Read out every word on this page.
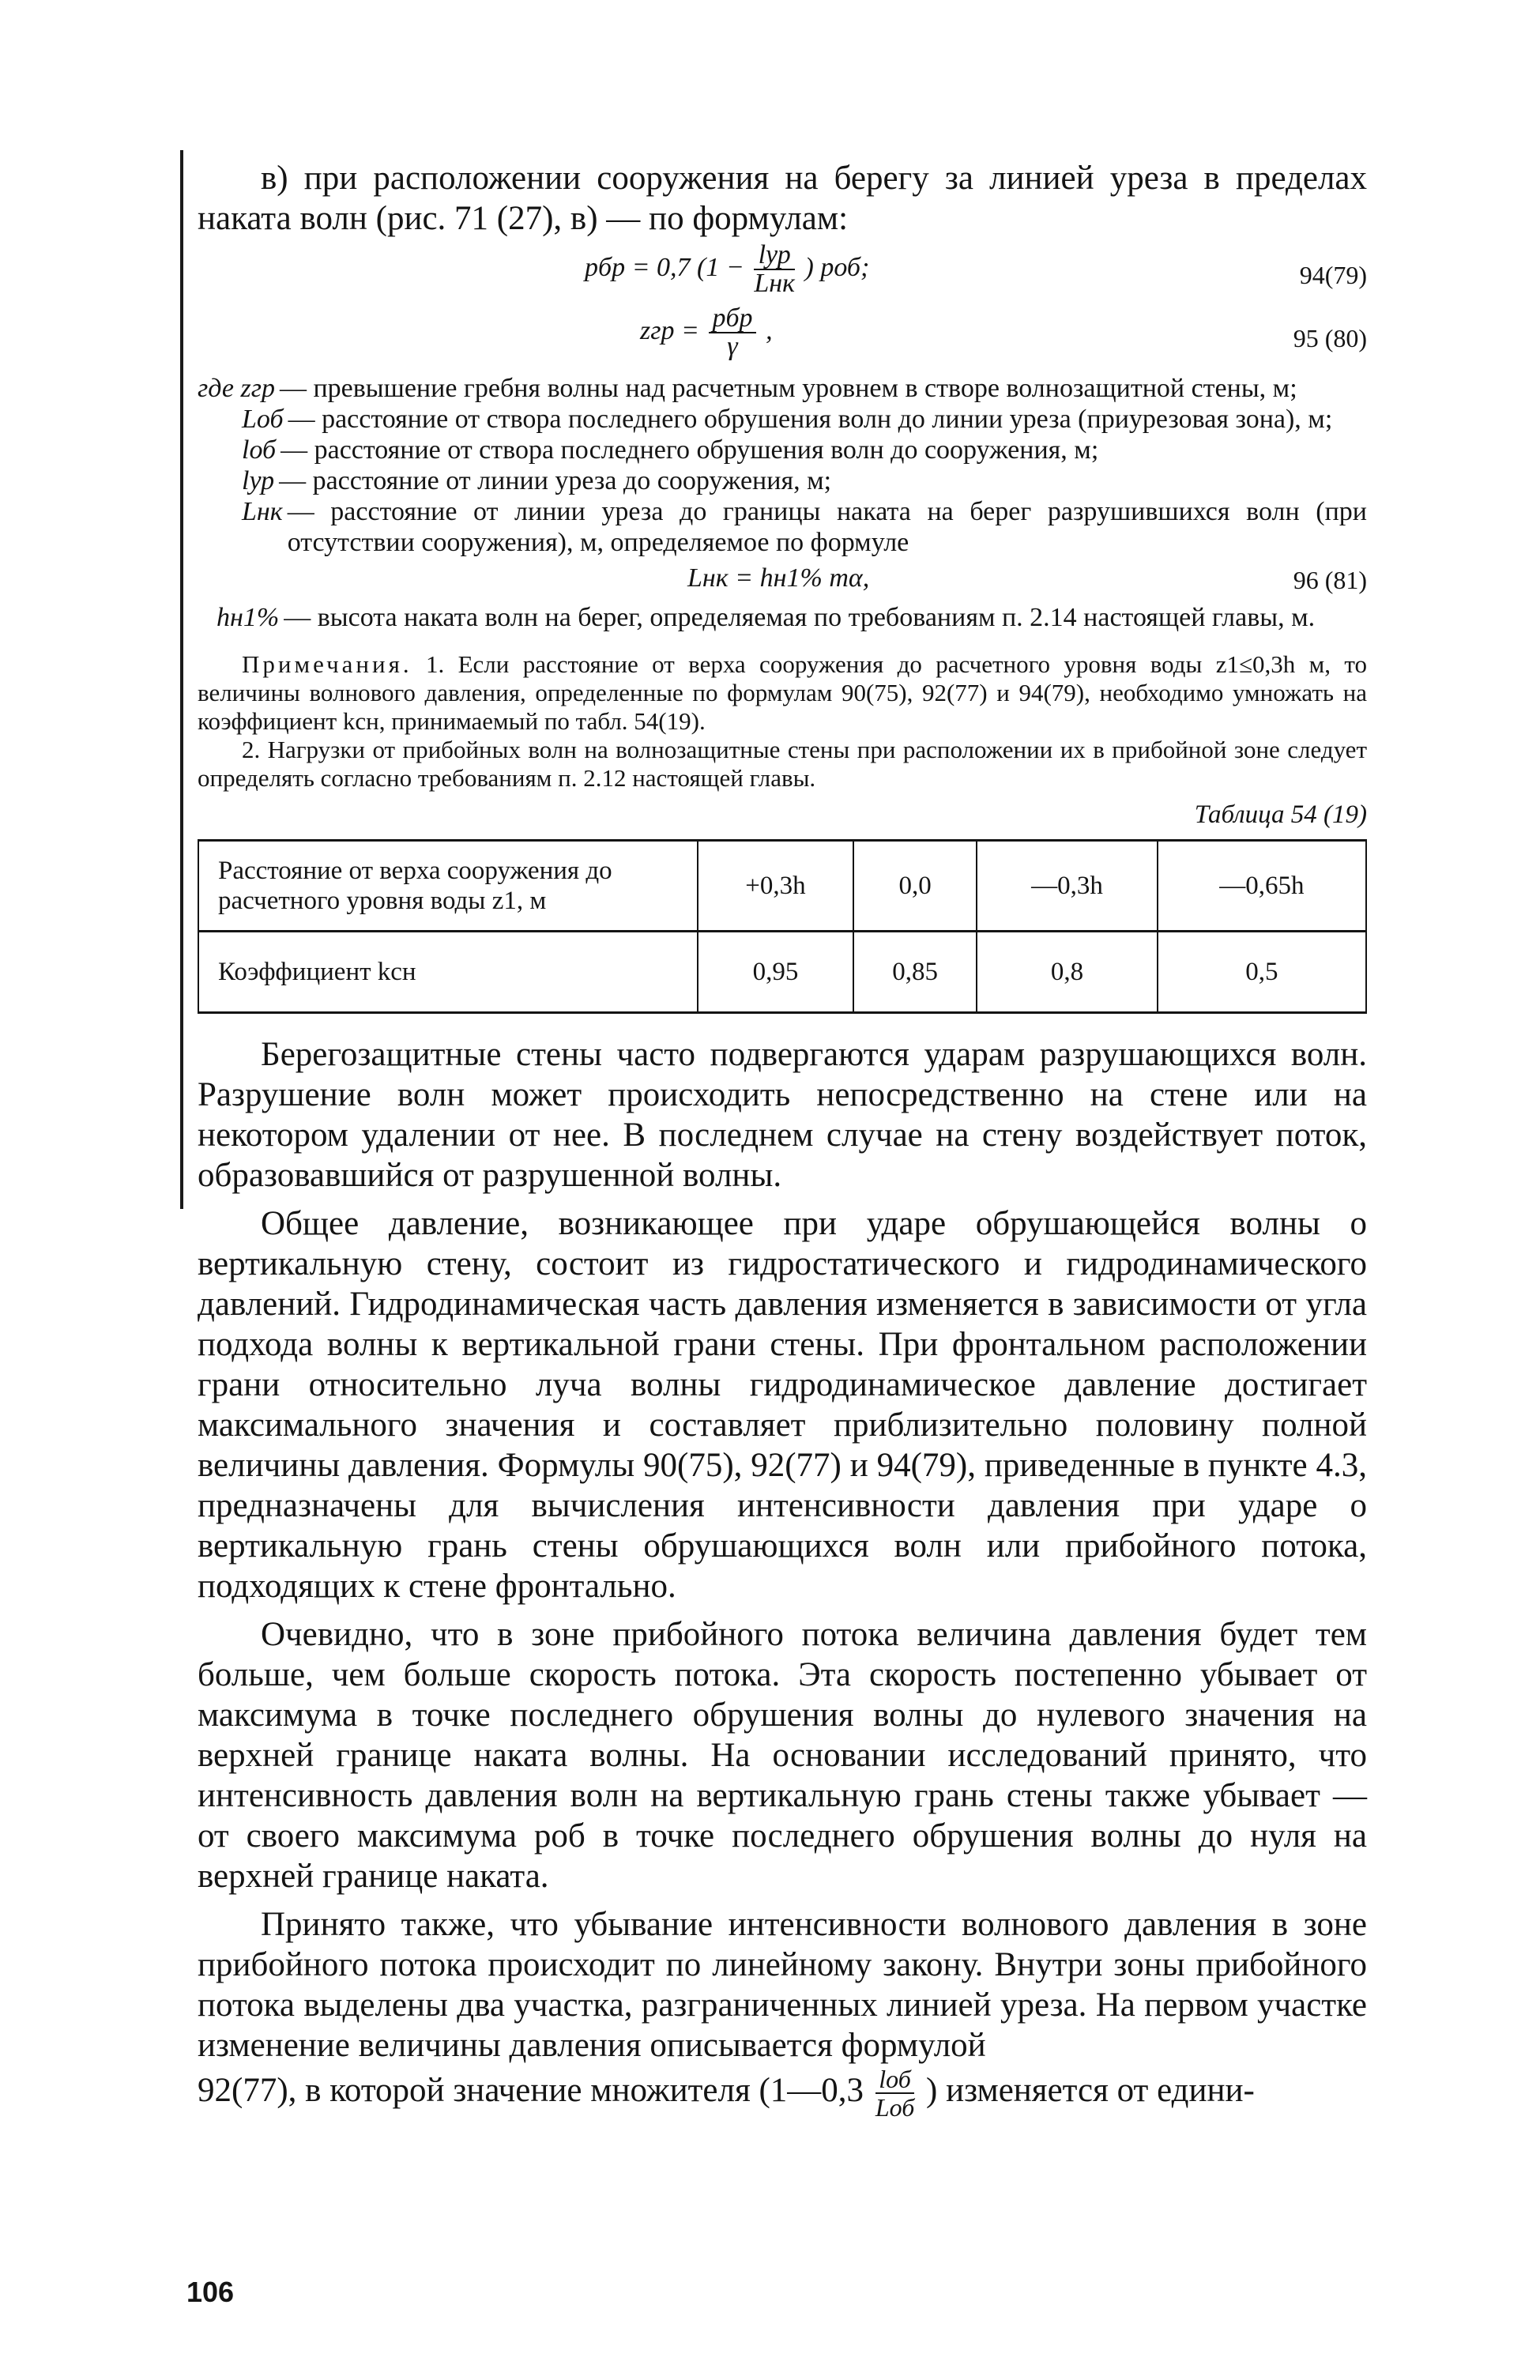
в) при расположении сооружения на берегу за линией уреза в пределах наката волн (рис. 71 (27), в) — по формулам:

pбр = 0,7 ($1 - \frac{\text{lур}}{\text{Lнк}}$ ) pоб;	94(79)
zгр = $\frac{\text{pбр}}{\gamma}$ ,	95 (80)
где zгр — превышение гребня волны над расчетным уровнем в створе волнозащитной стены, м;
Lоб — расстояние от створа последнего обрушения волн до линии уреза (приурезовая зона), м;
lоб — расстояние от створа последнего обрушения волн до сооружения, м;
lур — расстояние от линии уреза до сооружения, м;
Lнк — расстояние от линии уреза до границы наката на берег разрушившихся волн (при отсутствии сооружения), м, определяемое по формуле
Lнк = hн1% mα,	96 (81)
hн1% — высота наката волн на берег, определяемая по требованиям п. 2.14 настоящей главы, м.

Примечания. 1. Если расстояние от верха сооружения до расчетного уровня воды z1≤0,3h м, то величины волнового давления, определенные по формулам 90(75), 92(77) и 94(79), необходимо умножать на коэффициент kсн, принимаемый по табл. 54(19).

2. Нагрузки от прибойных волн на волнозащитные стены при расположении их в прибойной зоне следует определять согласно требованиям п. 2.12 настоящей главы.

Таблица 54 (19)
Расстояние от верха сооружения до расчетного уровня воды z1, м	+0,3h	0,0	—0,3h	—0,65h
Коэффициент kсн	0,95	0,85	0,8	0,5

Берегозащитные стены часто подвергаются ударам разрушающихся волн. Разрушение волн может происходить непосредственно на стене или на некотором удалении от нее. В последнем случае на стену воздействует поток, образовавшийся от разрушенной волны.

Общее давление, возникающее при ударе обрушающейся волны о вертикальную стену, состоит из гидростатического и гидродинамического давлений. Гидродинамическая часть давления изменяется в зависимости от угла подхода волны к вертикальной грани стены. При фронтальном расположении грани относительно луча волны гидродинамическое давление достигает максимального значения и составляет приблизительно половину полной величины давления. Формулы 90(75), 92(77) и 94(79), приведенные в пункте 4.3, предназначены для вычисления интенсивности давления при ударе о вертикальную грань стены обрушающихся волн или прибойного потока, подходящих к стене фронтально.

Очевидно, что в зоне прибойного потока величина давления будет тем больше, чем больше скорость потока. Эта скорость постепенно убывает от максимума в точке последнего обрушения волны до нулевого значения на верхней границе наката волны. На основании исследований принято, что интенсивность давления волн на вертикальную грань стены также убывает — от своего максимума pоб в точке последнего обрушения волны до нуля на верхней границе наката.

Принято также, что убывание интенсивности волнового давления в зоне прибойного потока происходит по линейному закону. Внутри зоны прибойного потока выделены два участка, разграниченных линией уреза. На первом участке изменение величины давления описывается формулой

92(77), в которой значение множителя (1—0,3 $\frac{\text{lоб}}{\text{Lоб}}$ ) изменяется от едини-
106
